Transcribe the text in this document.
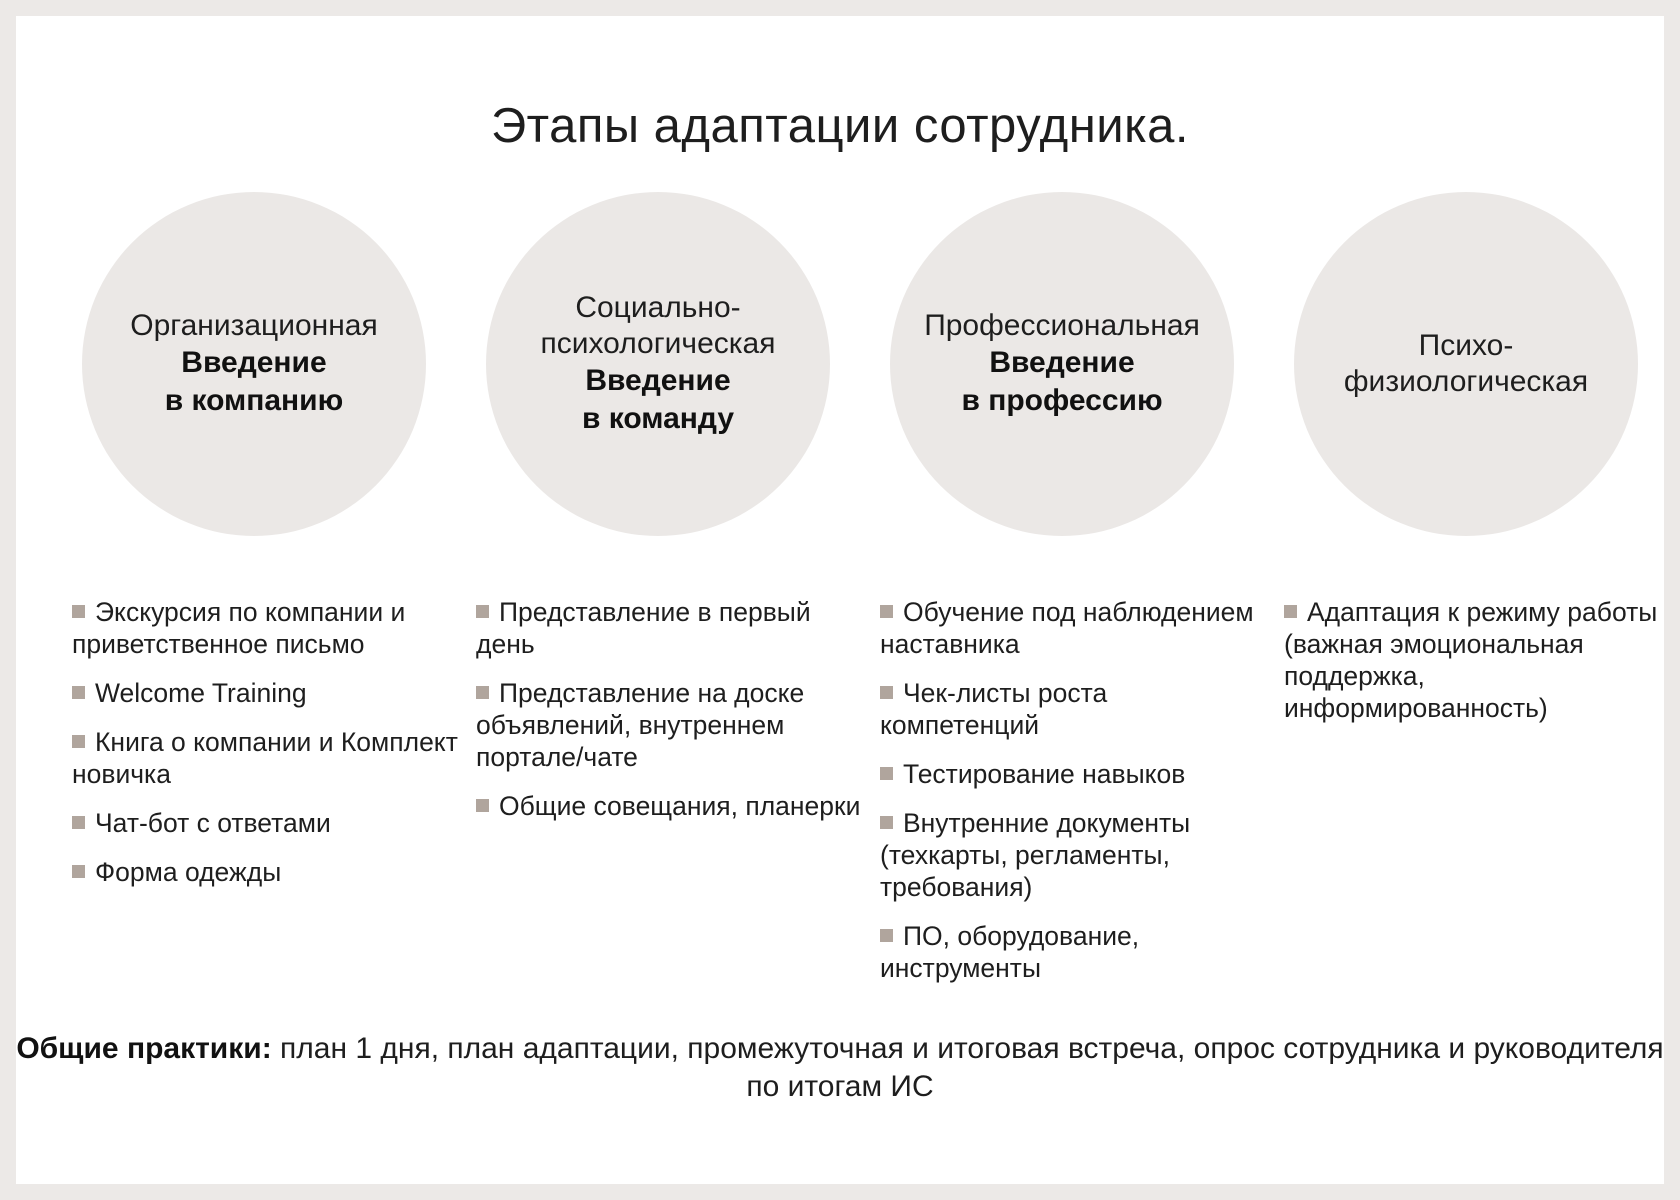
Этапы адаптации сотрудника.
Организационная
Введение
в компанию
Экскурсия по компании и приветственное письмо
Welcome Training
Книга о компании и Комплект новичка
Чат-бот с ответами
Форма одежды
Социально-
психологическая
Введение
в команду
Представление в первый день
Представление на доске объявлений, внутреннем портале/чате
Общие совещания, планерки
Профессиональная
Введение
в профессию
Обучение под наблюдением наставника
Чек-листы роста компетенций
Тестирование навыков
Внутренние документы (техкарты, регламенты, требования)
ПО, оборудование, инструменты
Психо-
физиологическая
Адаптация к режиму работы (важная эмоциональная поддержка, информированность)
Общие практики: план 1 дня, план адаптации, промежуточная и итоговая встреча, опрос сотрудника и руководителя по итогам ИС
